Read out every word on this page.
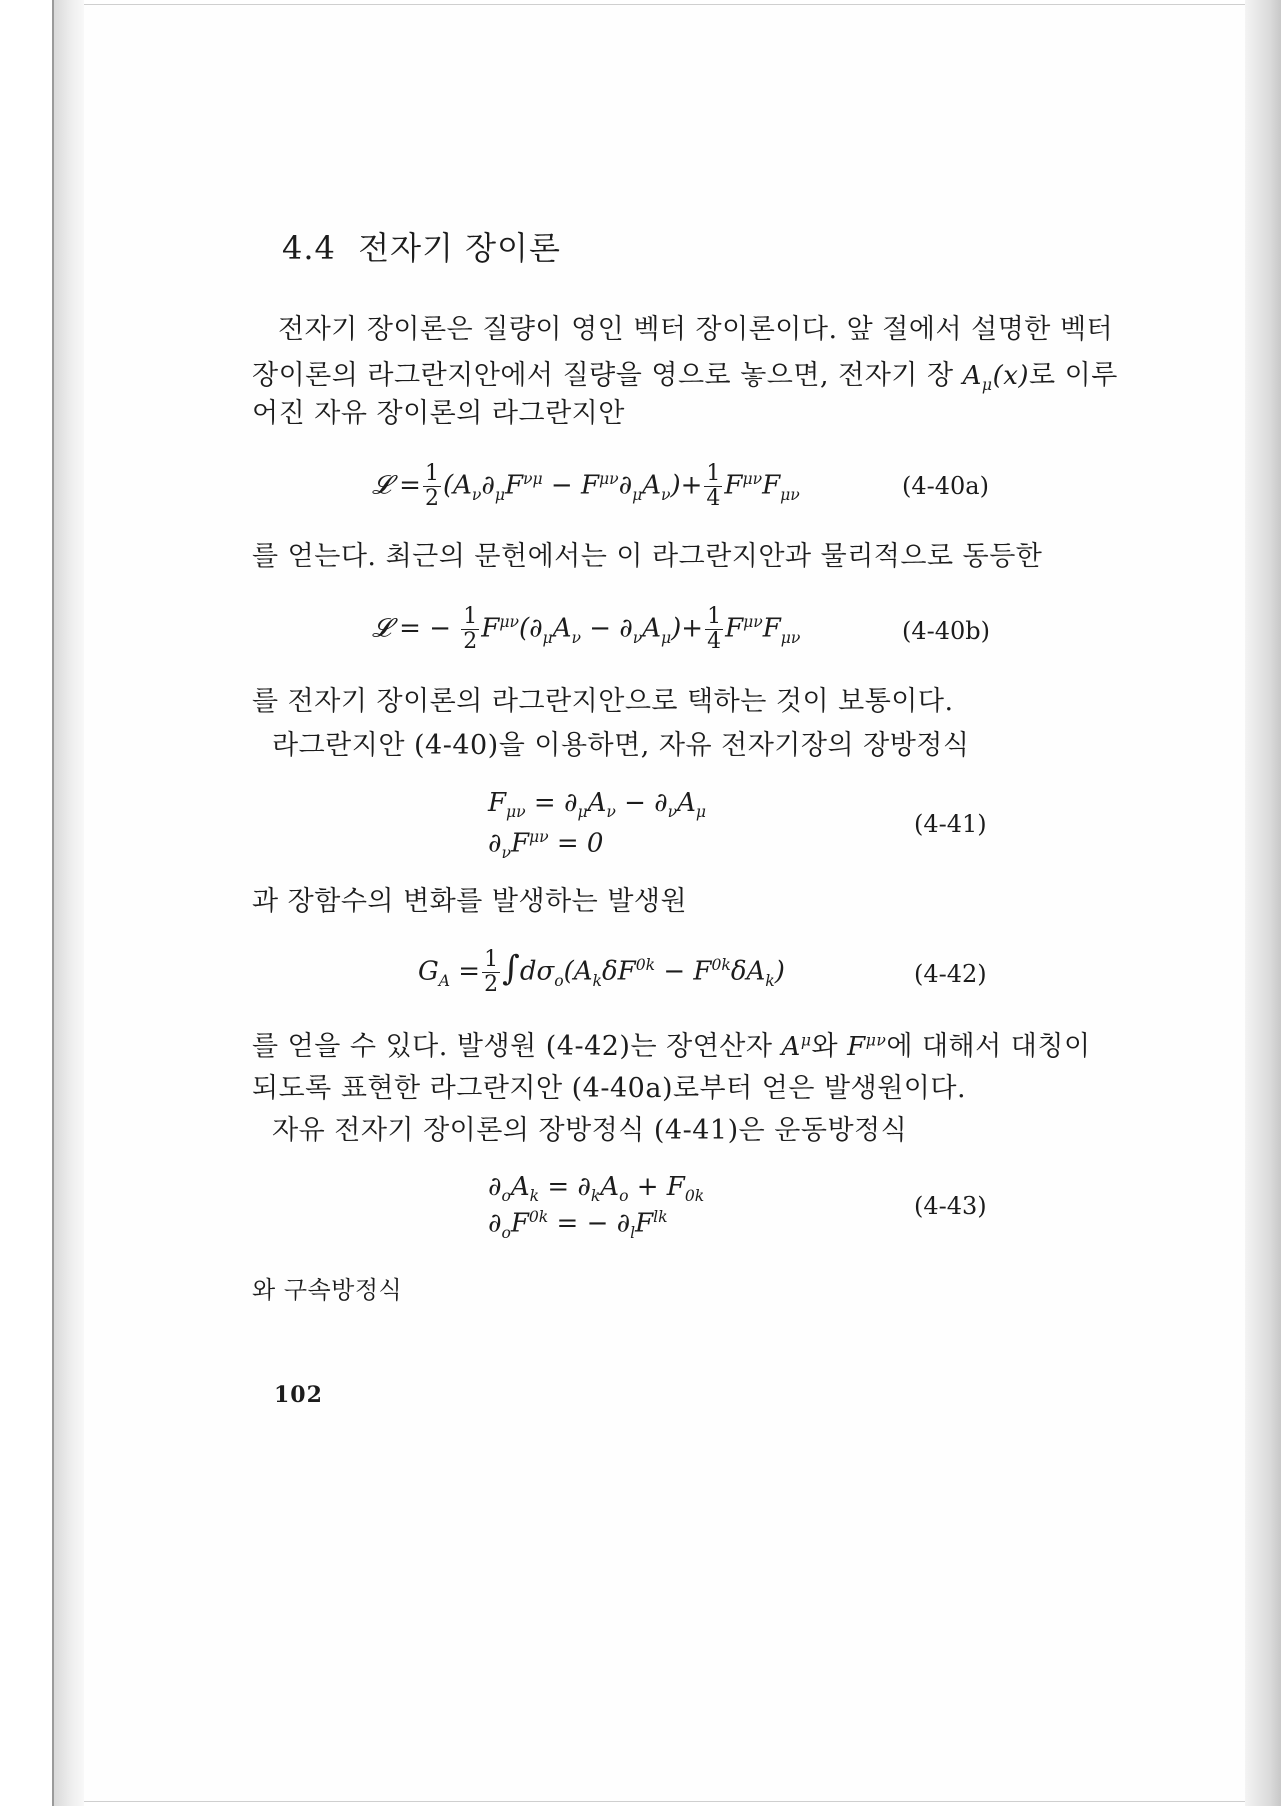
4.4 전자기 장이론
전자기 장이론은 질량이 영인 벡터 장이론이다. 앞 절에서 설명한 벡터
장이론의 라그란지안에서 질량을 영으로 놓으면, 전자기 장 $A_\mu(x)$로 이루
어진 자유 장이론의 라그란지안
𝓛 = $\frac{1}{2} (A_\nu\partial_\mu F^{\nu\mu} - F^{\mu\nu}\partial_\mu A_\nu)+ \frac{1}{4} F^{\mu\nu}F_{\mu\nu}$	(4-40a)
를 얻는다. 최근의 문헌에서는 이 라그란지안과 물리적으로 동등한
𝓛 = − $\frac{1}{2} F^{\mu\nu}(\partial_\mu A_\nu - \partial_\nu A_\mu)+ \frac{1}{4} F^{\mu\nu}F_{\mu\nu}$	(4-40b)
를 전자기 장이론의 라그란지안으로 택하는 것이 보통이다.
라그란지안 (4-40)을 이용하면, 자유 전자기장의 장방정식
$F_{\mu\nu} = \partial_\mu A_\nu - \partial_\nu A_\mu$
$\partial_\nu F^{\mu\nu} = 0$
(4-41)
과 장함수의 변화를 발생하는 발생원
$G_A = \frac{1}{2} \int d\sigma_o(A_k\delta F^{0k} - F^{0k}\delta A_k)$	(4-42)
를 얻을 수 있다. 발생원 (4-42)는 장연산자 $A^\mu$와 $F^{\mu\nu}$에 대해서 대칭이
되도록 표현한 라그란지안 (4-40a)로부터 얻은 발생원이다.
자유 전자기 장이론의 장방정식 (4-41)은 운동방정식
$\partial_oA_k = \partial_kA_o + F_{0k}$
$\partial_oF^{0k}$ = − $\partial_lF^{lk}$	(4-43)
와 구속방정식
102
